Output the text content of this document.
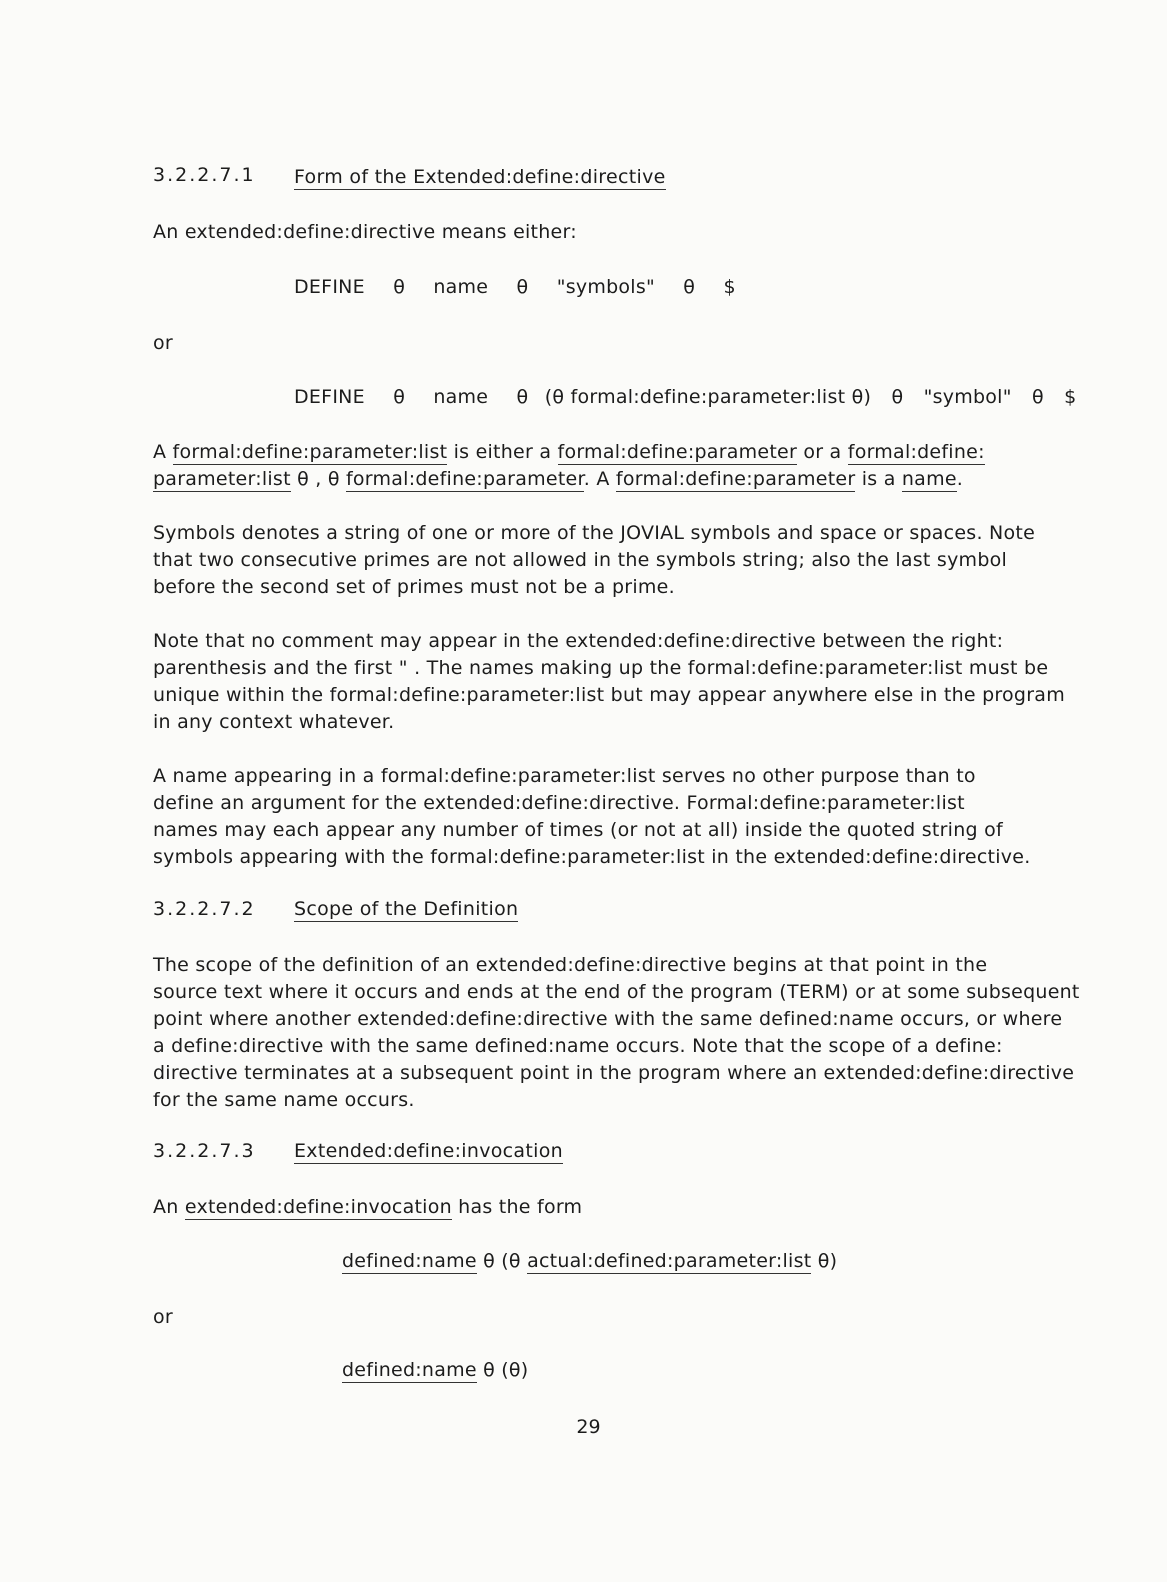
3.2.2.7.1 Form of the Extended:define:directive
An extended:define:directive means either:
DEFINE θ name θ "symbols" θ $
or
DEFINE θ name θ (θ formal:define:parameter:list θ) θ "symbol" θ $
A formal:define:parameter:list is either a formal:define:parameter or a formal:define:
parameter:list θ , θ formal:define:parameter. A formal:define:parameter is a name.
Symbols denotes a string of one or more of the JOVIAL symbols and space or spaces. Note
that two consecutive primes are not allowed in the symbols string; also the last symbol
before the second set of primes must not be a prime.
Note that no comment may appear in the extended:define:directive between the right:
parenthesis and the first " . The names making up the formal:define:parameter:list must be
unique within the formal:define:parameter:list but may appear anywhere else in the program
in any context whatever.
A name appearing in a formal:define:parameter:list serves no other purpose than to
define an argument for the extended:define:directive. Formal:define:parameter:list
names may each appear any number of times (or not at all) inside the quoted string of
symbols appearing with the formal:define:parameter:list in the extended:define:directive.
3.2.2.7.2 Scope of the Definition
The scope of the definition of an extended:define:directive begins at that point in the
source text where it occurs and ends at the end of the program (TERM) or at some subsequent
point where another extended:define:directive with the same defined:name occurs, or where
a define:directive with the same defined:name occurs. Note that the scope of a define:
directive terminates at a subsequent point in the program where an extended:define:directive
for the same name occurs.
3.2.2.7.3 Extended:define:invocation
An extended:define:invocation has the form
defined:name θ (θ actual:defined:parameter:list θ)
or
defined:name θ (θ)
29
